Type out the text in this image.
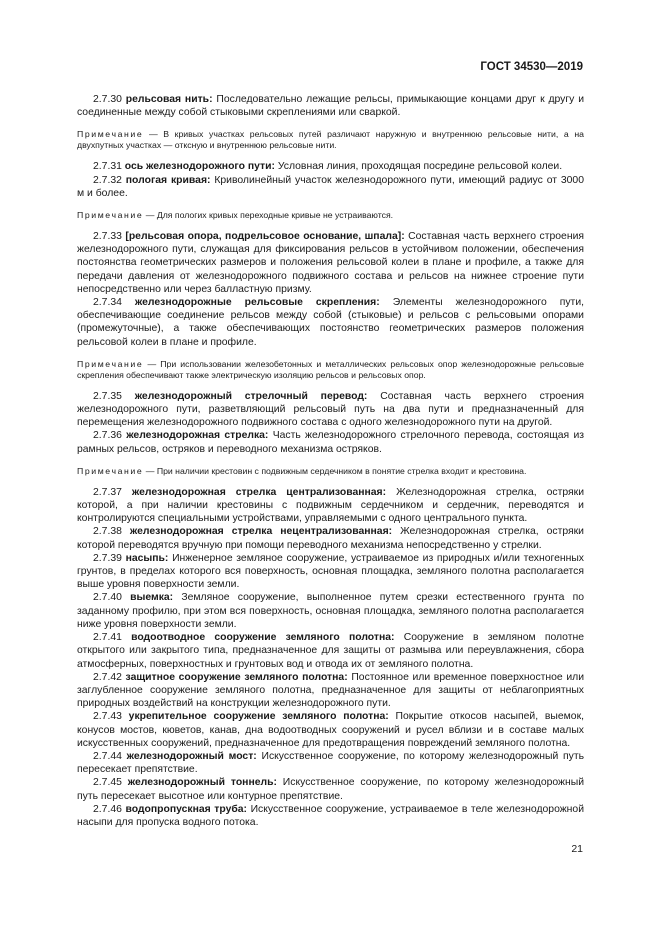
ГОСТ 34530—2019

2.7.30 рельсовая нить: Последовательно лежащие рельсы, примыкающие концами друг к другу и соединенные между собой стыковыми скреплениями или сваркой.

Примечание — В кривых участках рельсовых путей различают наружную и внутреннюю рельсовые нити, а на двухпутных участках — отксную и внутреннюю рельсовые нити.

2.7.31 ось железнодорожного пути: Условная линия, проходящая посредине рельсовой колеи.

2.7.32 пологая кривая: Криволинейный участок железнодорожного пути, имеющий радиус от 3000 м и более.

Примечание — Для пологих кривых переходные кривые не устраиваются.

2.7.33 [рельсовая опора, подрельсовое основание, шпала]: Составная часть верхнего строения железнодорожного пути, служащая для фиксирования рельсов в устойчивом положении, обеспечения постоянства геометрических размеров и положения рельсовой колеи в плане и профиле, а также для передачи давления от железнодорожного подвижного состава и рельсов на нижнее строение пути непосредственно или через балластную призму.

2.7.34 железнодорожные рельсовые скрепления: Элементы железнодорожного пути, обеспечивающие соединение рельсов между собой (стыковые) и рельсов с рельсовыми опорами (промежуточные), а также обеспечивающих постоянство геометрических размеров положения рельсовой колеи в плане и профиле.

Примечание — При использовании железобетонных и металлических рельсовых опор железнодорожные рельсовые скрепления обеспечивают также электрическую изоляцию рельсов и рельсовых опор.

2.7.35 железнодорожный стрелочный перевод: Составная часть верхнего строения железнодорожного пути, разветвляющий рельсовый путь на два пути и предназначенный для перемещения железнодорожного подвижного состава с одного железнодорожного пути на другой.

2.7.36 железнодорожная стрелка: Часть железнодорожного стрелочного перевода, состоящая из рамных рельсов, остряков и переводного механизма остряков.

Примечание — При наличии крестовин с подвижным сердечником в понятие стрелка входит и крестовина.

2.7.37 железнодорожная стрелка централизованная: Железнодорожная стрелка, остряки которой, а при наличии крестовины с подвижным сердечником и сердечник, переводятся и контролируются специальными устройствами, управляемыми с одного центрального пункта.

2.7.38 железнодорожная стрелка нецентрализованная: Железнодорожная стрелка, остряки которой переводятся вручную при помощи переводного механизма непосредственно у стрелки.

2.7.39 насыпь: Инженерное земляное сооружение, устраиваемое из природных и/или техногенных грунтов, в пределах которого вся поверхность, основная площадка, земляного полотна располагается выше уровня поверхности земли.

2.7.40 выемка: Земляное сооружение, выполненное путем срезки естественного грунта по заданному профилю, при этом вся поверхность, основная площадка, земляного полотна располагается ниже уровня поверхности земли.

2.7.41 водоотводное сооружение земляного полотна: Сооружение в земляном полотне открытого или закрытого типа, предназначенное для защиты от размыва или переувлажнения, сбора атмосферных, поверхностных и грунтовых вод и отвода их от земляного полотна.

2.7.42 защитное сооружение земляного полотна: Постоянное или временное поверхностное или заглубленное сооружение земляного полотна, предназначенное для защиты от неблагоприятных природных воздействий на конструкции железнодорожного пути.

2.7.43 укрепительное сооружение земляного полотна: Покрытие откосов насыпей, выемок, конусов мостов, кюветов, канав, дна водоотводных сооружений и русел вблизи и в составе малых искусственных сооружений, предназначенное для предотвращения повреждений земляного полотна.

2.7.44 железнодорожный мост: Искусственное сооружение, по которому железнодорожный путь пересекает препятствие.

2.7.45 железнодорожный тоннель: Искусственное сооружение, по которому железнодорожный путь пересекает высотное или контурное препятствие.

2.7.46 водопропускная труба: Искусственное сооружение, устраиваемое в теле железнодорожной насыпи для пропуска водного потока.

21
